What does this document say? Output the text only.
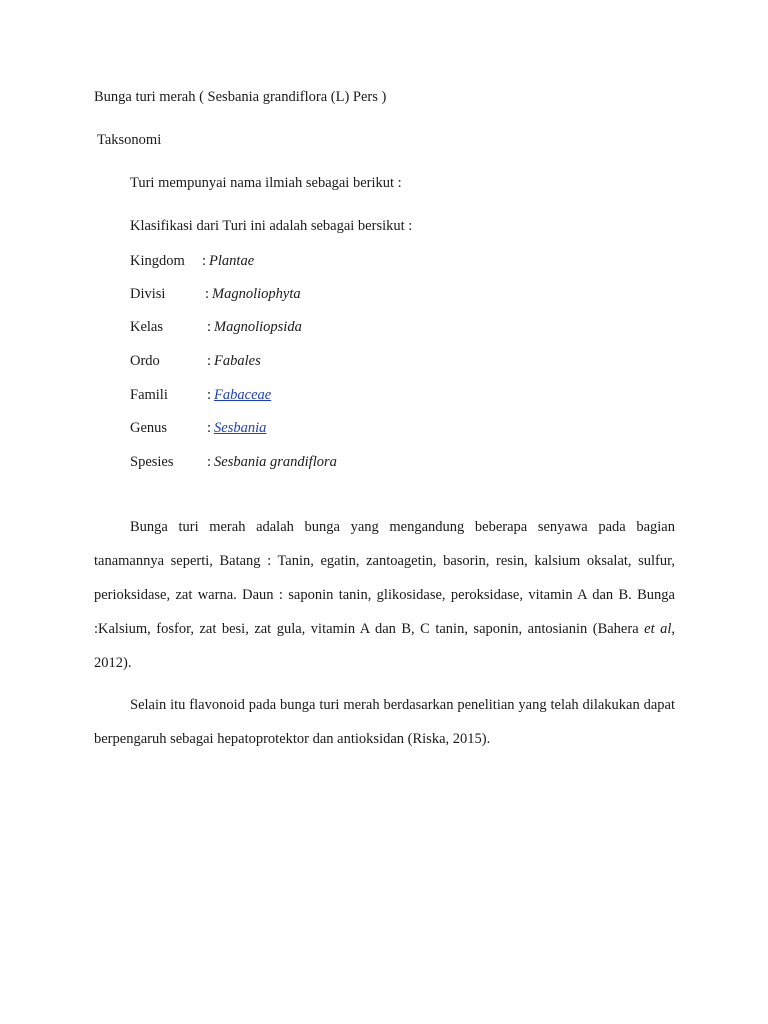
Bunga turi merah ( Sesbania grandiflora (L) Pers )
Taksonomi
Turi mempunyai nama ilmiah sebagai berikut :
Klasifikasi dari Turi ini adalah sebagai bersikut :
Kingdom : Plantae
Divisi	: Magnoliophyta
Kelas	: Magnoliopsida
Ordo	: Fabales
Famili	: Fabaceae
Genus	: Sesbania
Spesies : Sesbania grandiflora
Bunga turi merah adalah bunga yang mengandung beberapa senyawa pada bagian tanamannya seperti, Batang : Tanin, egatin, zantoagetin, basorin, resin, kalsium oksalat, sulfur, perioksidase, zat warna. Daun : saponin tanin, glikosidase, peroksidase, vitamin A dan B. Bunga :Kalsium, fosfor, zat besi, zat gula, vitamin A dan B, C tanin, saponin, antosianin (Bahera et al, 2012).
Selain itu flavonoid pada bunga turi merah berdasarkan penelitian yang telah dilakukan dapat berpengaruh sebagai hepatoprotektor dan antioksidan (Riska, 2015).
